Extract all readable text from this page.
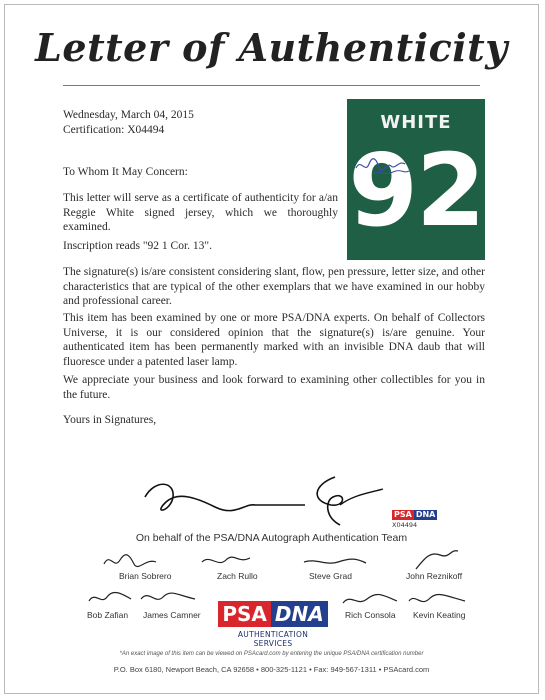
Letter of Authenticity
Wednesday, March 04, 2015
Certification: X04494	WHITE
92
To Whom It May Concern:
This letter will serve as a certificate of authenticity for a/an Reggie White signed jersey, which we thoroughly examined.
Inscription reads "92 1 Cor. 13".
The signature(s) is/are consistent considering slant, flow, pen pressure, letter size, and other characteristics that are typical of the other exemplars that we have examined in our hobby and professional career.
This item has been examined by one or more PSA/DNA experts. On behalf of Collectors Universe, it is our considered opinion that the signature(s) is/are genuine. Your authenticated item has been permanently marked with an invisible DNA daub that will fluoresce under a patented laser lamp.
We appreciate your business and look forward to examining other collectibles for you in the future.
Yours in Signatures,
PSA DNA
X04494
On behalf of the PSA/DNA Autograph Authentication Team
Brian Sobrero	Zach Rullo	Steve Grad	John Reznikoff
Bob Zafian James Camner PSA DNA
AUTHENTICATION SERVICES
Rich Consola Kevin Keating
*An exact image of this item can be viewed on PSAcard.com by entering the unique PSA/DNA certification number
P.O. Box 6180, Newport Beach, CA 92658 • 800-325-1121 • Fax: 949-567-1311 • PSAcard.com
